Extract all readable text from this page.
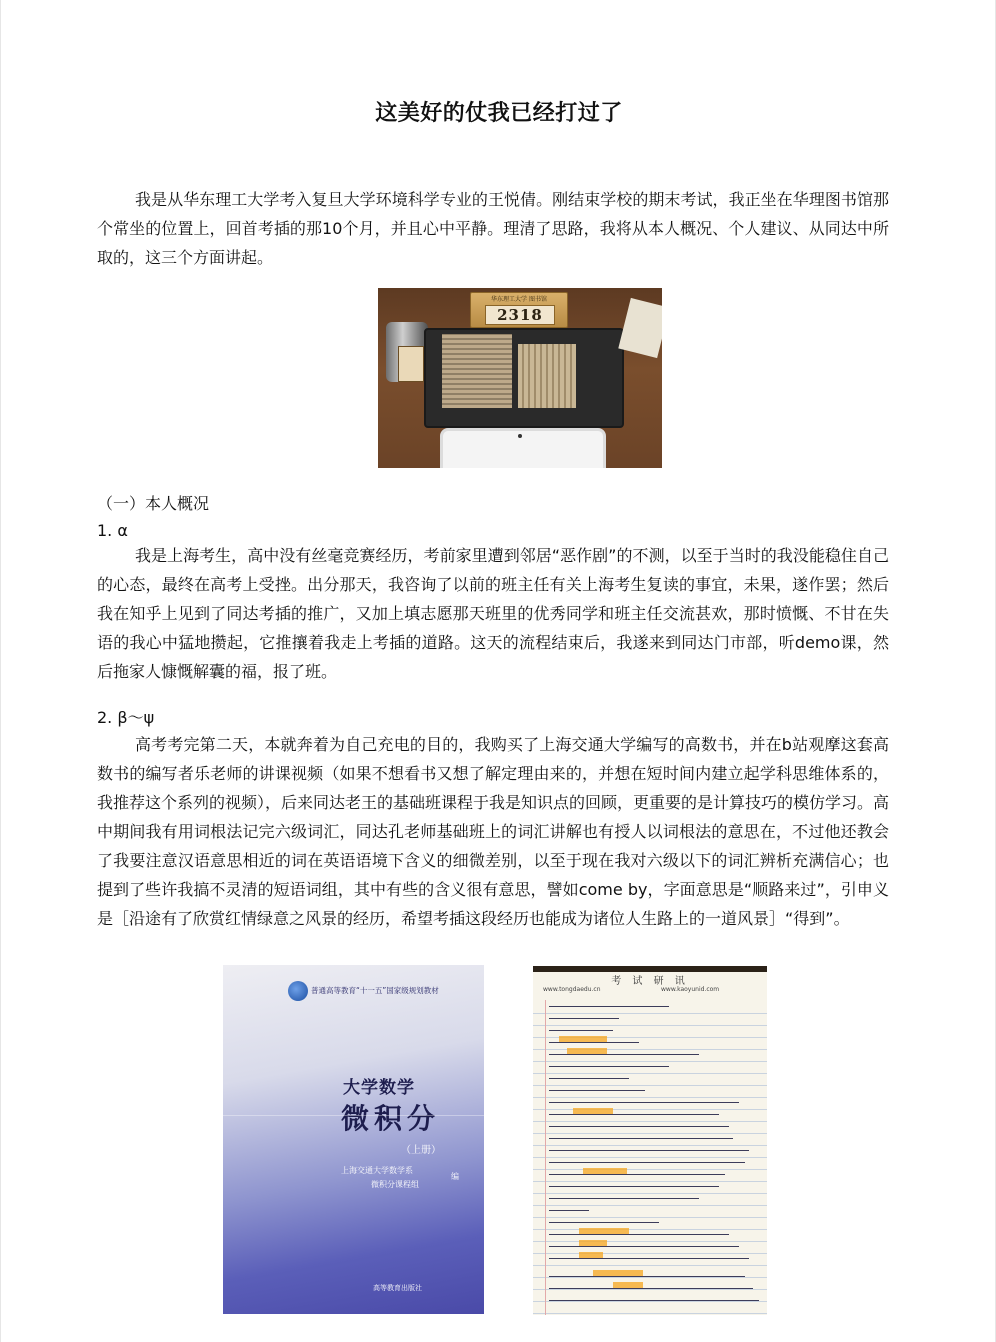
这美好的仗我已经打过了

我是从华东理工大学考入复旦大学环境科学专业的王悦倩。刚结束学校的期末考试，我正坐在华理图书馆那个常坐的位置上，回首考插的那10个月，并且心中平静。理清了思路，我将从本人概况、个人建议、从同达中所取的，这三个方面讲起。

华东理工大学 图书馆
2318

（一）本人概况

1. α

我是上海考生，高中没有丝毫竞赛经历，考前家里遭到邻居“恶作剧”的不测，以至于当时的我没能稳住自己的心态，最终在高考上受挫。出分那天，我咨询了以前的班主任有关上海考生复读的事宜，未果，遂作罢；然后我在知乎上见到了同达考插的推广，又加上填志愿那天班里的优秀同学和班主任交流甚欢，那时愤慨、不甘在失语的我心中猛地攒起，它推攘着我走上考插的道路。这天的流程结束后，我遂来到同达门市部，听demo课，然后拖家人慷慨解囊的福，报了班。

2. β～ψ

高考考完第二天，本就奔着为自己充电的目的，我购买了上海交通大学编写的高数书，并在b站观摩这套高数书的编写者乐老师的讲课视频（如果不想看书又想了解定理由来的，并想在短时间内建立起学科思维体系的，我推荐这个系列的视频），后来同达老王的基础班课程于我是知识点的回顾，更重要的是计算技巧的模仿学习。高中期间我有用词根法记完六级词汇，同达孔老师基础班上的词汇讲解也有授人以词根法的意思在，不过他还教会了我要注意汉语意思相近的词在英语语境下含义的细微差别，以至于现在我对六级以下的词汇辨析充满信心；也提到了些许我搞不灵清的短语词组，其中有些的含义很有意思，譬如come by，字面意思是“顺路来过”，引申义是［沿途有了欣赏红情绿意之风景的经历，希望考插这段经历也能成为诸位人生路上的一道风景］“得到”。

普通高等教育“十一五”国家级规划教材
大学数学
微积分
（上册）
上海交通大学数学系
微积分课程组
编
高等教育出版社
考 试 研 讯
www.tongdaedu.cn	www.kaoyunid.com
